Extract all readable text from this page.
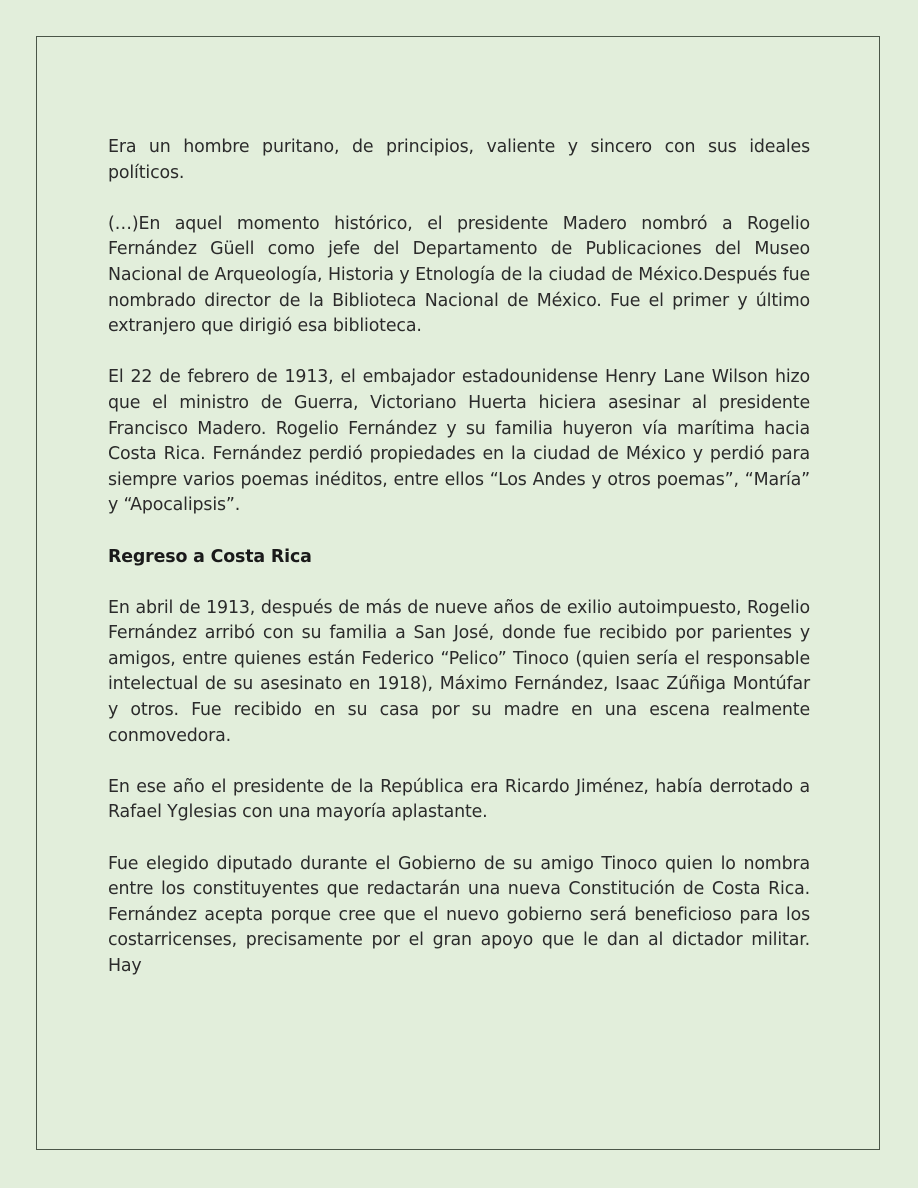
Era un hombre puritano, de principios, valiente y sincero con sus ideales políticos.

(…)En aquel momento histórico, el presidente Madero nombró a Rogelio Fernández Güell como jefe del Departamento de Publicaciones del Museo Nacional de Arqueología, Historia y Etnología de la ciudad de México.Después fue nombrado director de la Biblioteca Nacional de México. Fue el primer y último extranjero que dirigió esa biblioteca.

El 22 de febrero de 1913, el embajador estadounidense Henry Lane Wilson hizo que el ministro de Guerra, Victoriano Huerta hiciera asesinar al presidente Francisco Madero. Rogelio Fernández y su familia huyeron vía marítima hacia Costa Rica. Fernández perdió propiedades en la ciudad de México y perdió para siempre varios poemas inéditos, entre ellos “Los Andes y otros poemas”, “María” y “Apocalipsis”.

Regreso a Costa Rica

En abril de 1913, después de más de nueve años de exilio autoimpuesto, Rogelio Fernández arribó con su familia a San José, donde fue recibido por parientes y amigos, entre quienes están Federico “Pelico” Tinoco (quien sería el responsable intelectual de su asesinato en 1918), Máximo Fernández, Isaac Zúñiga Montúfar y otros. Fue recibido en su casa por su madre en una escena realmente conmovedora.

En ese año el presidente de la República era Ricardo Jiménez, había derrotado a Rafael Yglesias con una mayoría aplastante.

Fue elegido diputado durante el Gobierno de su amigo Tinoco quien lo nombra entre los constituyentes que redactarán una nueva Constitución de Costa Rica. Fernández acepta porque cree que el nuevo gobierno será beneficioso para los costarricenses, precisamente por el gran apoyo que le dan al dictador militar. Hay
